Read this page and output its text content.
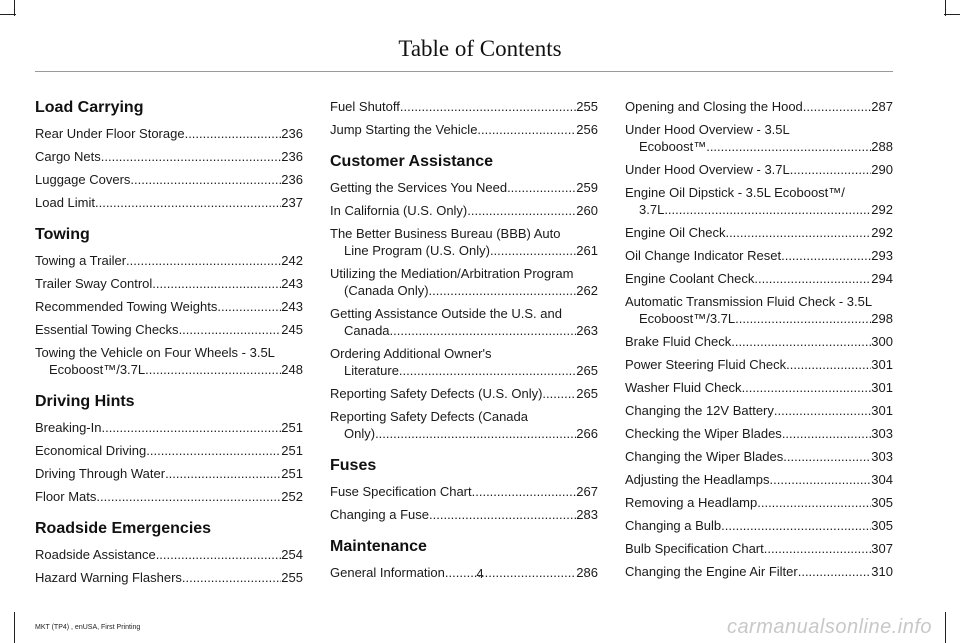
Table of Contents
Load Carrying
Rear Under Floor Storage .....	236
Cargo Nets .....	236
Luggage Covers .....	236
Load Limit .....	237
Towing
Towing a Trailer .....	242
Trailer Sway Control .....	243
Recommended Towing Weights .....	243
Essential Towing Checks .....	245
Towing the Vehicle on Four Wheels - 3.5L
Ecoboost™/3.7L .....	248
Driving Hints
Breaking-In .....	251
Economical Driving .....	251
Driving Through Water .....	251
Floor Mats .....	252
Roadside Emergencies
Roadside Assistance .....	254
Hazard Warning Flashers .....	255
Fuel Shutoff .....	255
Jump Starting the Vehicle .....	256
Customer Assistance
Getting the Services You Need .....	259
In California (U.S. Only) .....	260
The Better Business Bureau (BBB) Auto
Line Program (U.S. Only) .....	261
Utilizing the Mediation/Arbitration Program
(Canada Only) .....	262
Getting Assistance Outside the U.S. and
Canada .....	263
Ordering Additional Owner's
Literature .....	265
Reporting Safety Defects (U.S. Only) .....	265
Reporting Safety Defects (Canada
Only) .....	266
Fuses
Fuse Specification Chart .....	267
Changing a Fuse .....	283
Maintenance
General Information .....	286
Opening and Closing the Hood .....	287
Under Hood Overview - 3.5L
Ecoboost™ .....	288
Under Hood Overview - 3.7L .....	290
Engine Oil Dipstick - 3.5L Ecoboost™/
3.7L .....	292
Engine Oil Check .....	292
Oil Change Indicator Reset .....	293
Engine Coolant Check .....	294
Automatic Transmission Fluid Check - 3.5L
Ecoboost™/3.7L .....	298
Brake Fluid Check .....	300
Power Steering Fluid Check .....	301
Washer Fluid Check .....	301
Changing the 12V Battery .....	301
Checking the Wiper Blades .....	303
Changing the Wiper Blades .....	303
Adjusting the Headlamps .....	304
Removing a Headlamp .....	305
Changing a Bulb .....	305
Bulb Specification Chart .....	307
Changing the Engine Air Filter .....	310
4
MKT (TP4) , enUSA, First Printing	carmanualsonline.info
